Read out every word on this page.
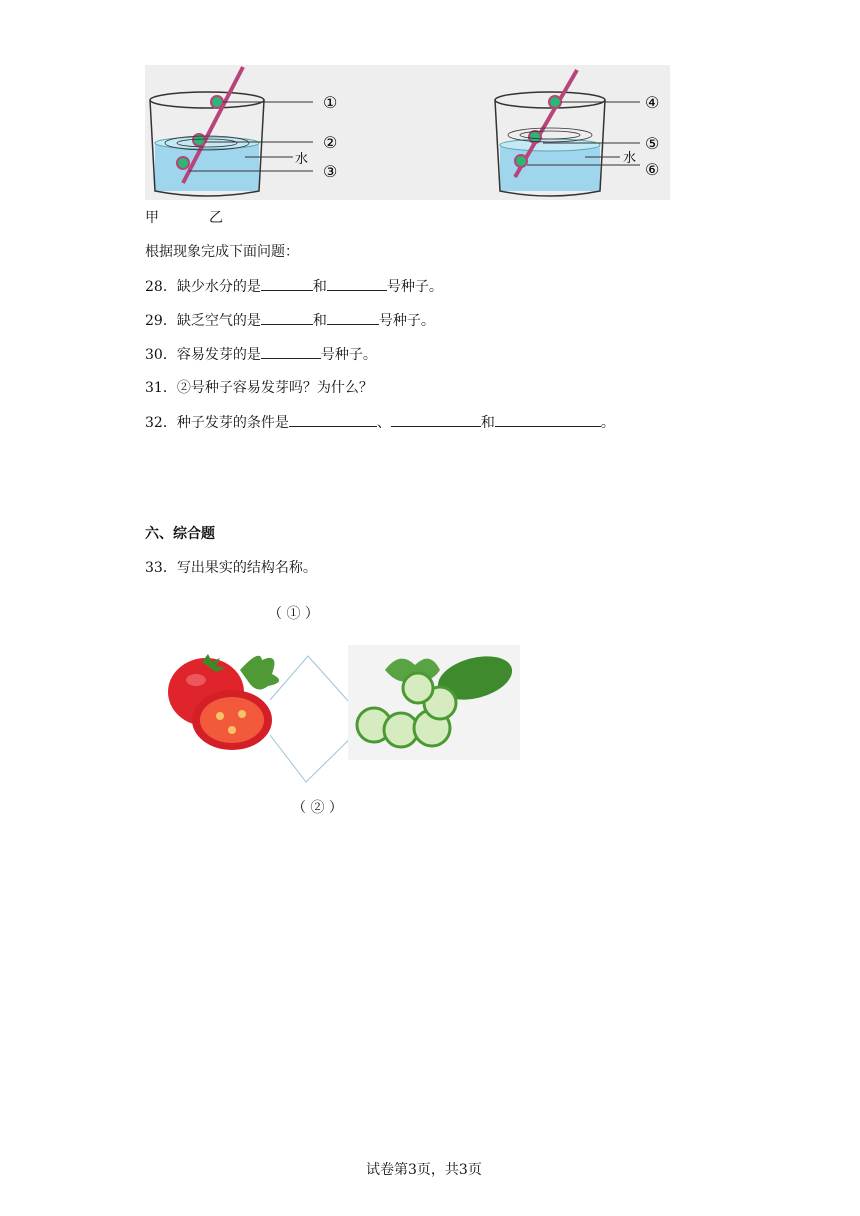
①
②
水
③
④
⑤
水
⑥
甲	乙
根据现象完成下面问题：
28．缺少水分的是	和	号种子。
29．缺乏空气的是	和	号种子。
30．容易发芽的是	号种子。
31．②号种子容易发芽吗？为什么？
32．种子发芽的条件是	、	和	。
六、综合题
33．写出果实的结构名称。
（ ① ）
（ ② ）
试卷第3页，共3页
